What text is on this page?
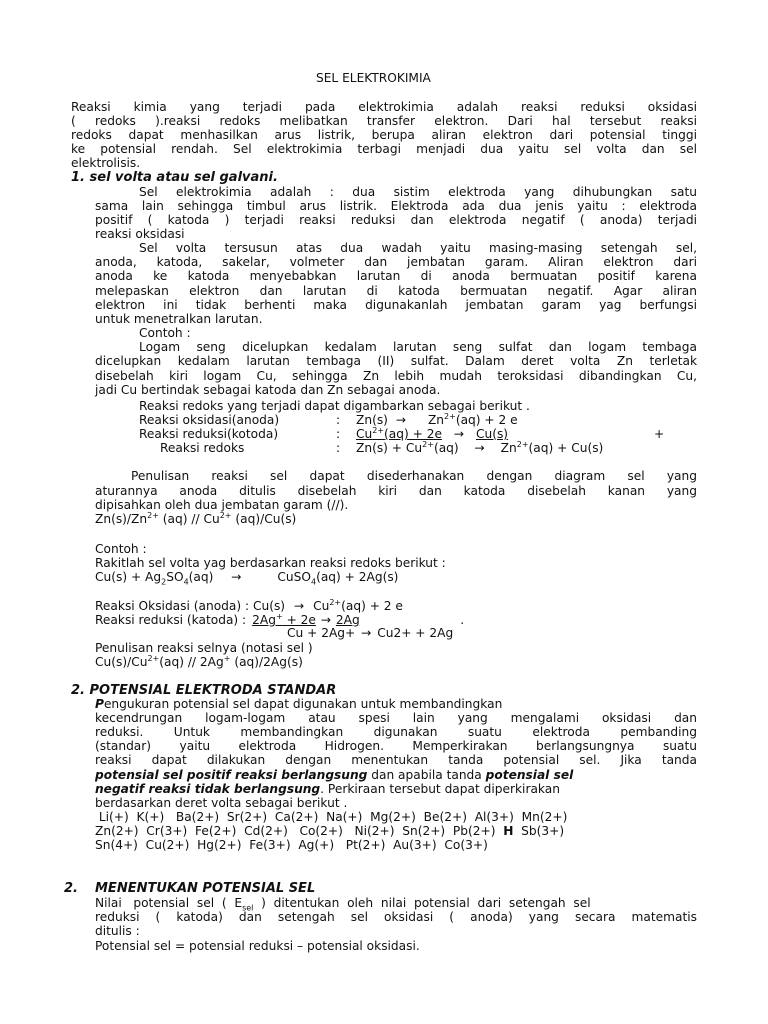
SEL ELEKTROKIMIA

Reaksi kimia yang terjadi pada elektrokimia adalah reaksi reduksi oksidasi

( redoks ).reaksi redoks melibatkan transfer elektron. Dari hal tersebut reaksi

redoks dapat menhasilkan arus listrik, berupa aliran elektron dari potensial tinggi

ke potensial rendah. Sel elektrokimia terbagi menjadi dua yaitu sel volta dan sel

elektrolisis.

1. sel volta atau sel galvani.

Sel elektrokimia adalah : dua sistim elektroda yang dihubungkan satu

sama lain sehingga timbul arus listrik. Elektroda ada dua jenis yaitu : elektroda

positif ( katoda ) terjadi reaksi reduksi dan elektroda negatif ( anoda) terjadi

reaksi oksidasi

Sel volta tersusun atas dua wadah yaitu masing-masing setengah sel,

anoda, katoda, sakelar, volmeter dan jembatan garam. Aliran elektron dari

anoda ke katoda menyebabkan larutan di anoda bermuatan positif karena

melepaskan elektron dan larutan di katoda bermuatan negatif. Agar aliran

elektron ini tidak berhenti maka digunakanlah jembatan garam yag berfungsi

untuk menetralkan larutan.

Contoh :

Logam seng dicelupkan kedalam larutan seng sulfat dan logam tembaga

dicelupkan kedalam larutan tembaga (II) sulfat. Dalam deret volta Zn terletak

disebelah kiri logam Cu, sehingga Zn lebih mudah teroksidasi dibandingkan Cu,

jadi Cu bertindak sebagai katoda dan Zn sebagai anoda.

Reaksi redoks yang terjadi dapat digambarkan sebagai berikut .

Reaksi oksidasi(anoda)	: $Zn(s) \to Zn^{2+}(aq) + 2$ e
Reaksi reduksi(kotoda)	: $Cu^{2+}(aq) + 2e \to Cu(s)$	+
Reaksi redoks	: $Zn(s) + Cu^{2+}(aq) \to Zn^{2+}(aq) + Cu(s)$

Penulisan reaksi sel dapat disederhanakan dengan diagram sel yang

aturannya anoda ditulis disebelah kiri dan katoda disebelah kanan yang

dipisahkan oleh dua jembatan garam (//).

$Zn(s)/Zn^{2+}$ $(aq) // Cu^{2+}$ (aq)/Cu(s)

Contoh :

Rakitlah sel volta yag berdasarkan reaksi redoks berikut :

$Cu(s) + Ag_2SO_4(aq)$ →	CuSO$_4$(aq) + 2Ag(s)

Reaksi Oksidasi (anoda) : $Cu(s) \to Cu^{2+}(aq) + 2$ e

Reaksi reduksi (katoda) : 2Ag+ + 2e → 2Ag	.

Cu + 2Ag+ → Cu2+ + 2Ag

Penulisan reaksi selnya (notasi sel )

$Cu(s)/Cu^{2+}(aq) // 2Ag^+$ (aq)/2Ag(s)

2. POTENSIAL ELEKTRODA STANDAR

Pengukuran potensial sel dapat digunakan untuk membandingkan

kecendrungan logam-logam atau spesi lain yang mengalami oksidasi dan

reduksi. Untuk membandingkan digunakan suatu elektroda pembanding

(standar) yaitu elektroda Hidrogen. Memperkirakan berlangsungnya suatu

reaksi dapat dilakukan dengan menentukan tanda potensial sel. Jika tanda

potensial sel positif reaksi berlangsung dan apabila tanda potensial sel

negatif reaksi tidak berlangsung. Perkiraan tersebut dapat diperkirakan

berdasarkan deret volta sebagai berikut .

Li(+)  K(+)   Ba(2+)  Sr(2+)  Ca(2+)  Na(+)  Mg(2+)  Be(2+)  Al(3+)  Mn(2+)

Zn(2+)  Cr(3+)  Fe(2+)  Cd(2+)   Co(2+)   Ni(2+)  Sn(2+)  Pb(2+)  H  Sb(3+)

Sn(4+)  Cu(2+)  Hg(2+)  Fe(3+)  Ag(+)   Pt(2+)  Au(3+)  Co(3+)

2. MENENTUKAN POTENSIAL SEL

Nilai   potensial  sel  (  $E_{sel}$  )  ditentukan  oleh  nilai  potensial  dari  setengah  sel

reduksi ( katoda) dan setengah sel oksidasi ( anoda) yang secara matematis

ditulis :

Potensial sel = potensial reduksi – potensial oksidasi.
